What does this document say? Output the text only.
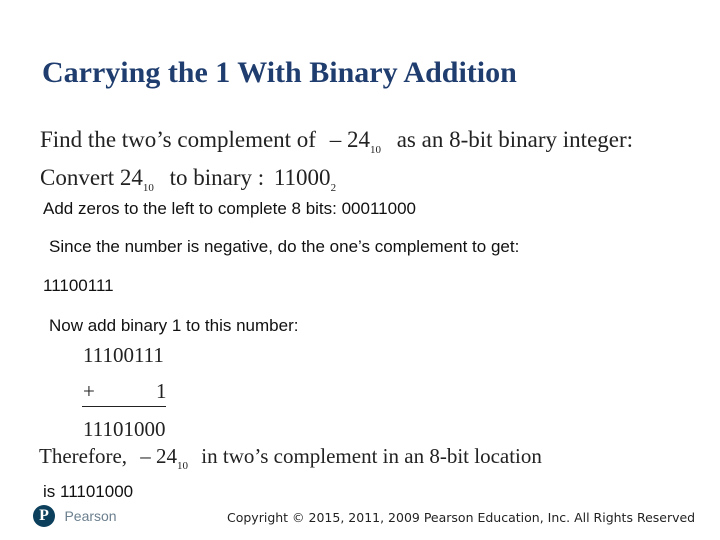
Carrying the 1 With Binary Addition
Find the two’s complement of – $24_{10}$ as an 8-bit binary integer:
Convert $24_{10}$ to binary : $11000_2$
Add zeros to the left to complete 8 bits: 00011000
Since the number is negative, do the one’s complement to get:
11100111
Now add binary 1 to this number:
11100111
+	1
11101000
Therefore, – $24_{10}$ in two’s complement in an 8-bit location
is 11101000
P	Pearson	Copyright © 2015, 2011, 2009 Pearson Education, Inc. All Rights Reserved
